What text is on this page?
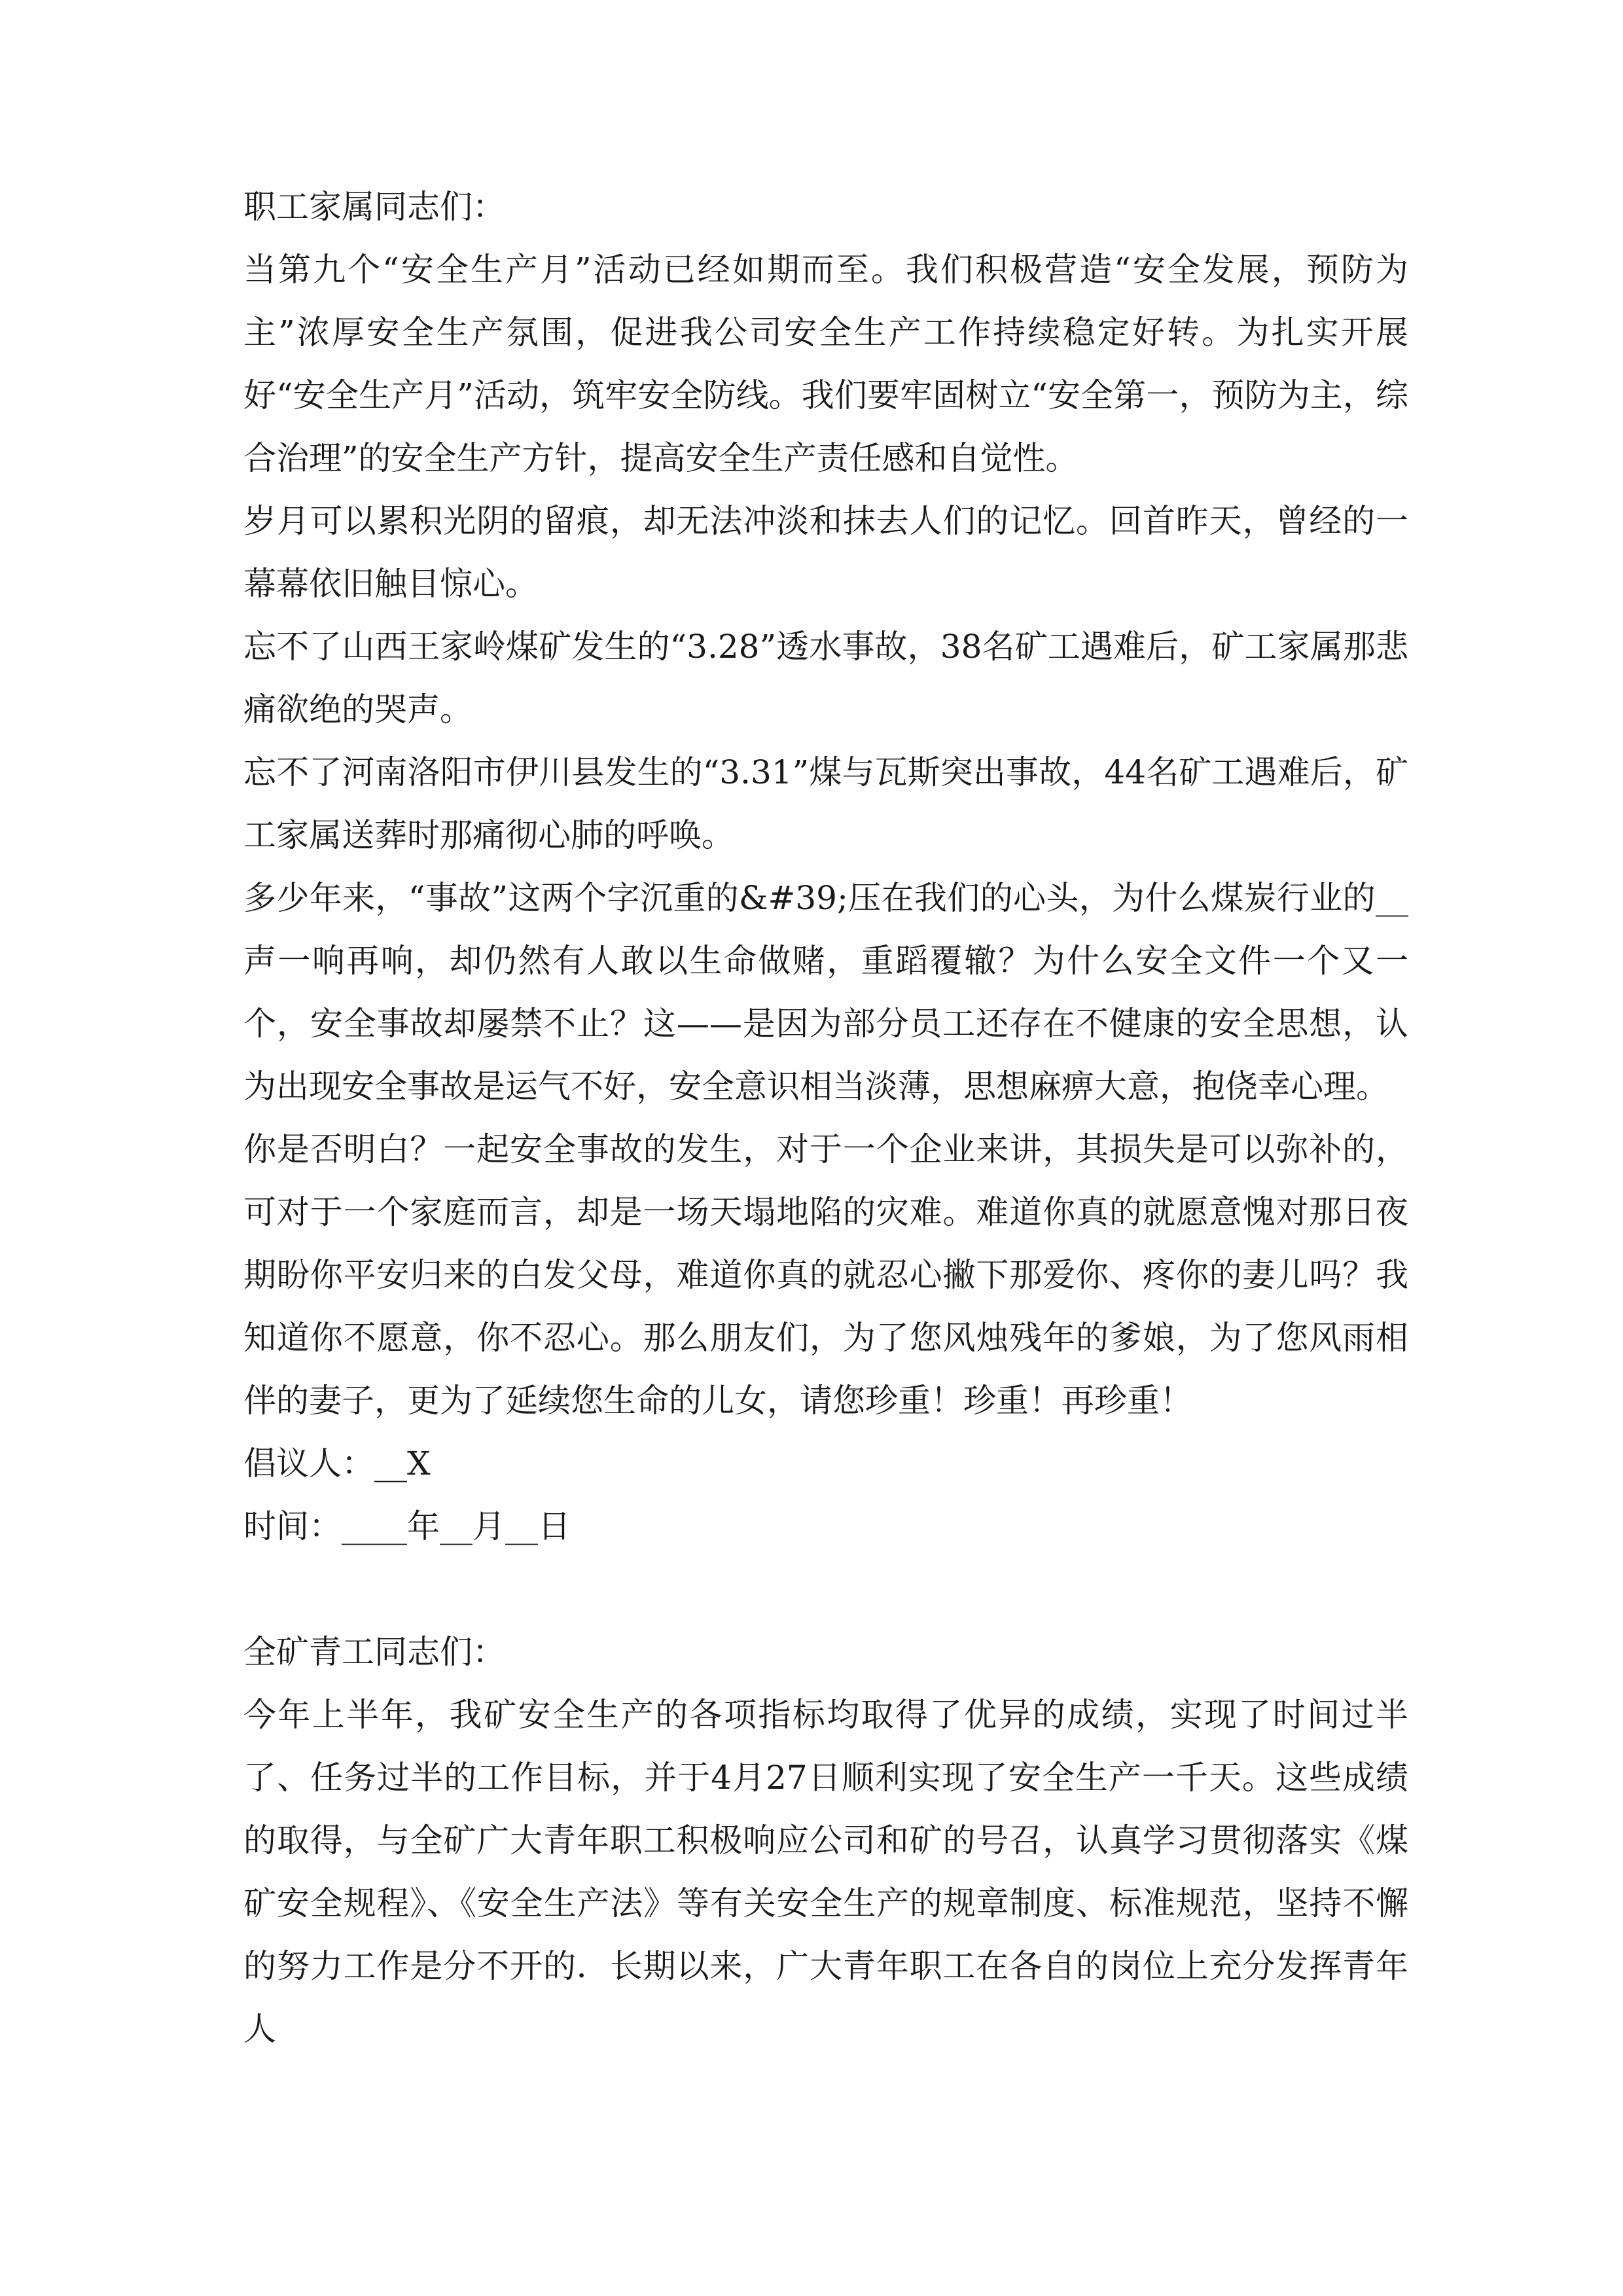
职工家属同志们：

当第九个“安全生产月”活动已经如期而至。我们积极营造“安全发展，预防为主”浓厚安全生产氛围，促进我公司安全生产工作持续稳定好转。为扎实开展好“安全生产月”活动，筑牢安全防线。我们要牢固树立“安全第一，预防为主，综合治理”的安全生产方针，提高安全生产责任感和自觉性。

岁月可以累积光阴的留痕，却无法冲淡和抹去人们的记忆。回首昨天，曾经的一幕幕依旧触目惊心。

忘不了山西王家岭煤矿发生的“3.28”透水事故，38名矿工遇难后，矿工家属那悲痛欲绝的哭声。

忘不了河南洛阳市伊川县发生的“3.31”煤与瓦斯突出事故，44名矿工遇难后，矿工家属送葬时那痛彻心肺的呼唤。

多少年来，“事故”这两个字沉重的&#39;压在我们的心头，为什么煤炭行业的__声一响再响，却仍然有人敢以生命做赌，重蹈覆辙？为什么安全文件一个又一个，安全事故却屡禁不止？这——是因为部分员工还存在不健康的安全思想，认为出现安全事故是运气不好，安全意识相当淡薄，思想麻痹大意，抱侥幸心理。

你是否明白？一起安全事故的发生，对于一个企业来讲，其损失是可以弥补的，可对于一个家庭而言，却是一场天塌地陷的灾难。难道你真的就愿意愧对那日夜期盼你平安归来的白发父母，难道你真的就忍心撇下那爱你、疼你的妻儿吗？我知道你不愿意，你不忍心。那么朋友们，为了您风烛残年的爹娘，为了您风雨相伴的妻子，更为了延续您生命的儿女，请您珍重！珍重！再珍重！

倡议人：__X

时间：____年__月__日

全矿青工同志们：

今年上半年，我矿安全生产的各项指标均取得了优异的成绩，实现了时间过半了、任务过半的工作目标，并于4月27日顺利实现了安全生产一千天。这些成绩的取得，与全矿广大青年职工积极响应公司和矿的号召，认真学习贯彻落实《煤矿安全规程》、《安全生产法》等有关安全生产的规章制度、标准规范，坚持不懈的努力工作是分不开的．长期以来，广大青年职工在各自的岗位上充分发挥青年人
